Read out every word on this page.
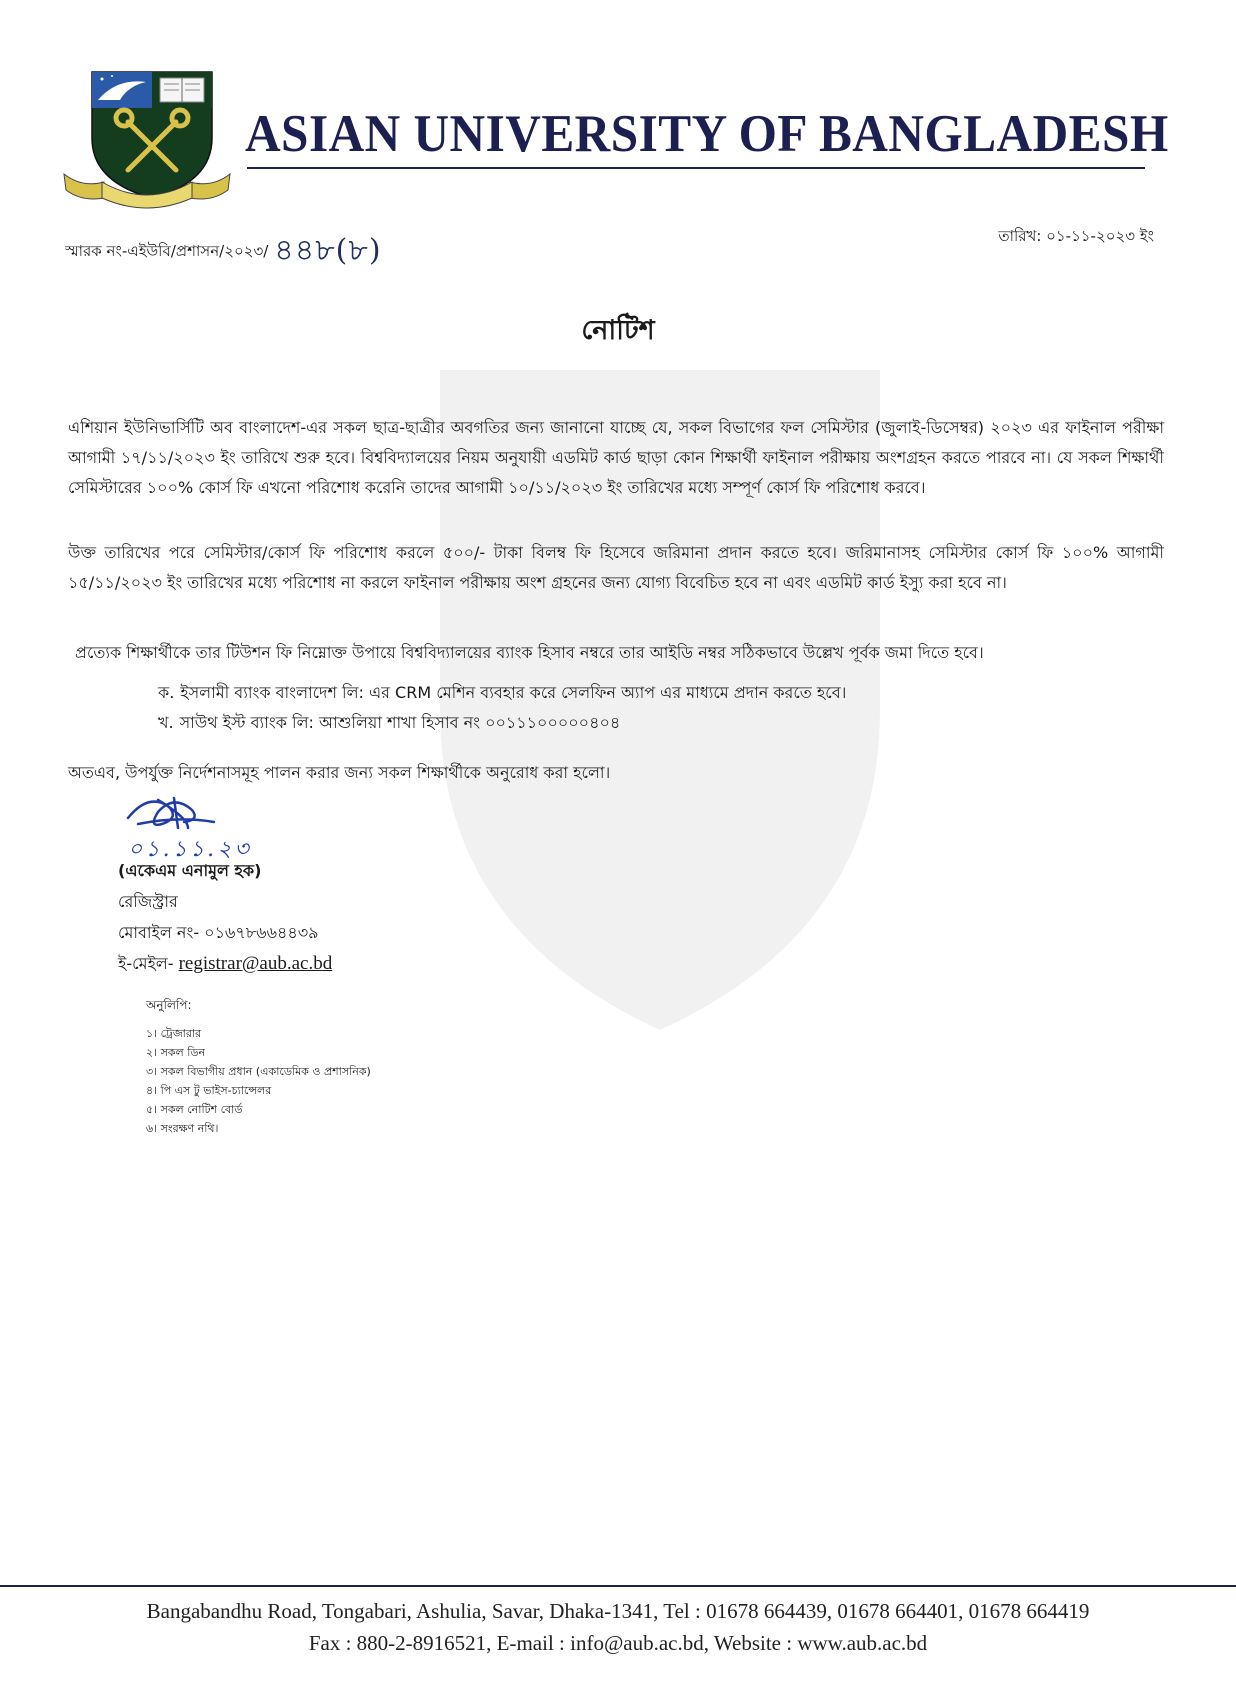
ASIAN UNIVERSITY OF BANGLADESH
স্মারক নং-এইউবি/প্রশাসন/২০২৩/ ৪৪৮(৮)	তারিখ: ০১-১১-২০২৩ ইং
নোটিশ
এশিয়ান ইউনিভার্সিটি অব বাংলাদেশ-এর সকল ছাত্র-ছাত্রীর অবগতির জন্য জানানো যাচ্ছে যে, সকল বিভাগের ফল সেমিস্টার (জুলাই-ডিসেম্বর) ২০২৩ এর ফাইনাল পরীক্ষা আগামী ১৭/১১/২০২৩ ইং তারিখে শুরু হবে। বিশ্ববিদ্যালয়ের নিয়ম অনুযায়ী এডমিট কার্ড ছাড়া কোন শিক্ষার্থী ফাইনাল পরীক্ষায় অংশগ্রহন করতে পারবে না। যে সকল শিক্ষার্থী সেমিস্টারের ১০০% কোর্স ফি এখনো পরিশোধ করেনি তাদের আগামী ১০/১১/২০২৩ ইং তারিখের মধ্যে সম্পূর্ণ কোর্স ফি পরিশোধ করবে।
উক্ত তারিখের পরে সেমিস্টার/কোর্স ফি পরিশোধ করলে ৫০০/- টাকা বিলম্ব ফি হিসেবে জরিমানা প্রদান করতে হবে। জরিমানাসহ সেমিস্টার কোর্স ফি ১০০% আগামী ১৫/১১/২০২৩ ইং তারিখের মধ্যে পরিশোধ না করলে ফাইনাল পরীক্ষায় অংশ গ্রহনের জন্য যোগ্য বিবেচিত হবে না এবং এডমিট কার্ড ইস্যু করা হবে না।
প্রত্যেক শিক্ষার্থীকে তার টিউশন ফি নিম্নোক্ত উপায়ে বিশ্ববিদ্যালয়ের ব্যাংক হিসাব নম্বরে তার আইডি নম্বর সঠিকভাবে উল্লেখ পূর্বক জমা দিতে হবে।
ক. ইসলামী ব্যাংক বাংলাদেশ লি: এর CRM মেশিন ব্যবহার করে সেলফিন অ্যাপ এর মাধ্যমে প্রদান করতে হবে।
খ. সাউথ ইস্ট ব্যাংক লি: আশুলিয়া শাখা হিসাব নং ০০১১১০০০০০৪০৪
অতএব, উপর্যুক্ত নির্দেশনাসমূহ পালন করার জন্য সকল শিক্ষার্থীকে অনুরোধ করা হলো।
০১.১১.২৩
(একেএম এনামুল হক)
রেজিস্ট্রার
মোবাইল নং- ০১৬৭৮৬৬৪৪৩৯
ই-মেইল- registrar@aub.ac.bd
অনুলিপি:
১। ট্রেজারার
২। সকল ডিন
৩। সকল বিভাগীয় প্রধান (একাডেমিক ও প্রশাসনিক)
৪। পি এস টু ভাইস-চ্যান্সেলর
৫। সকল নোটিশ বোর্ড
৬। সংরক্ষণ নথি।
Bangabandhu Road, Tongabari, Ashulia, Savar, Dhaka-1341, Tel : 01678 664439, 01678 664401, 01678 664419
Fax : 880-2-8916521, E-mail : info@aub.ac.bd, Website : www.aub.ac.bd
